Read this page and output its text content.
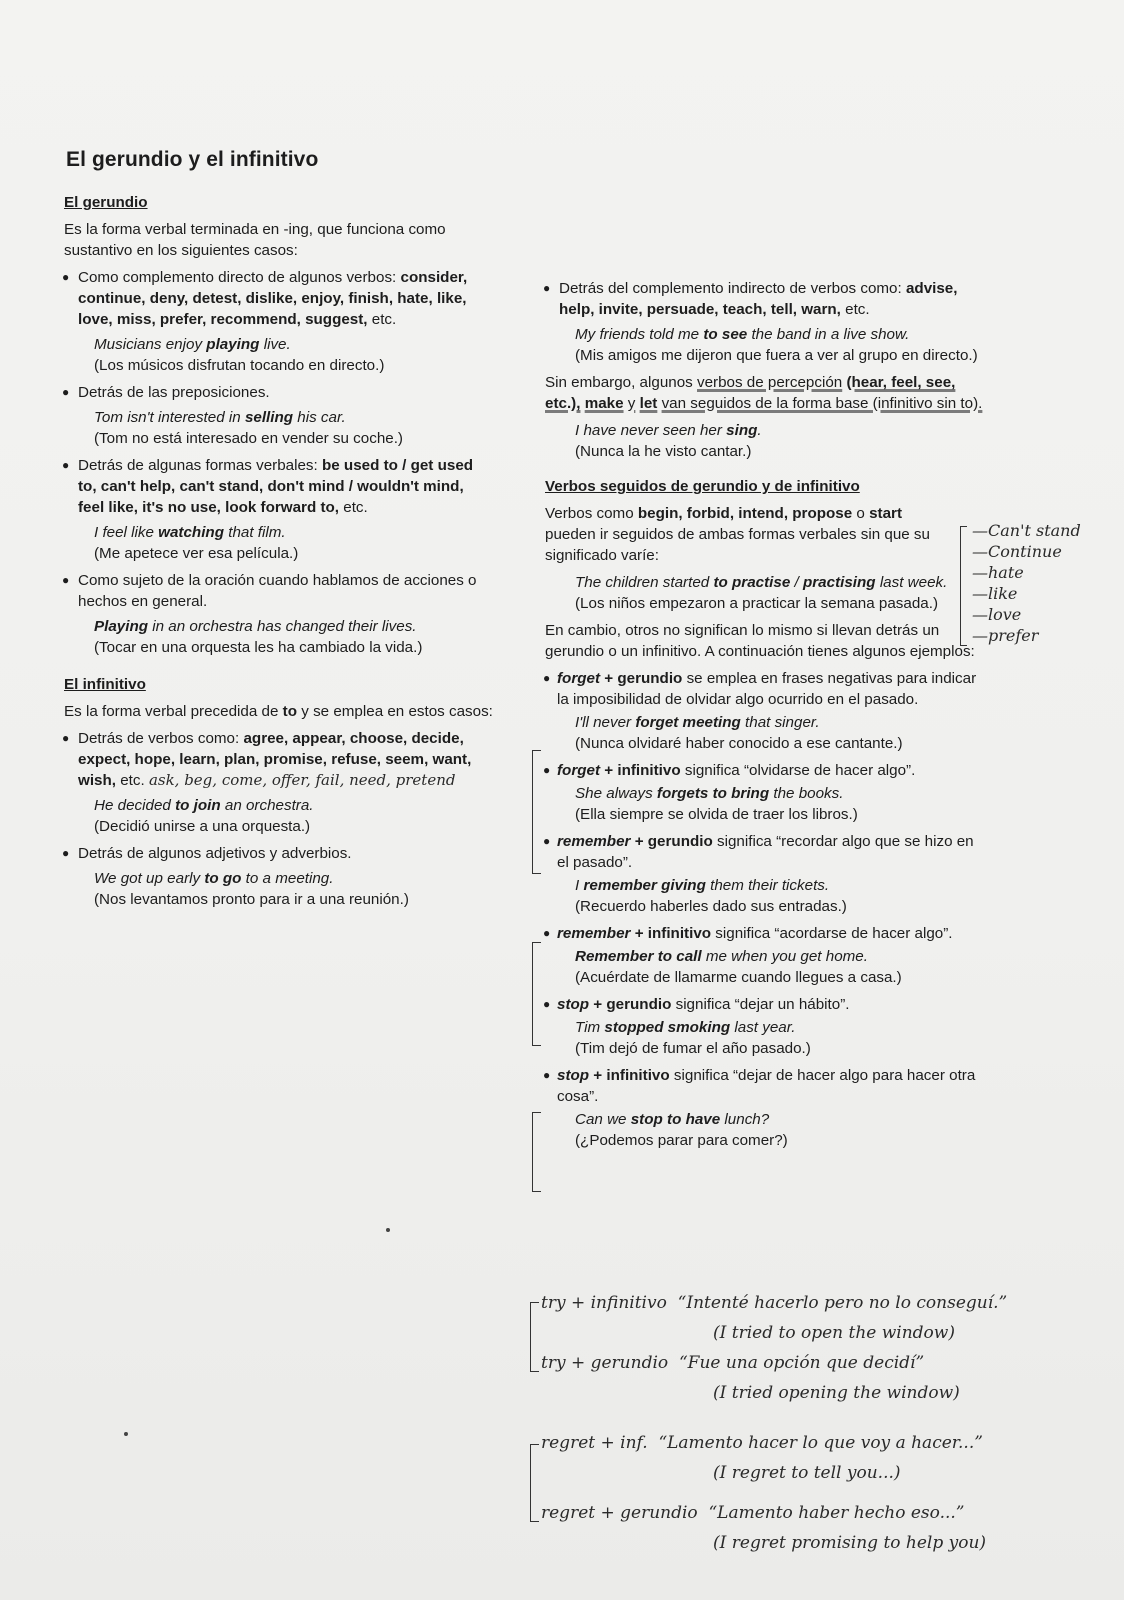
El gerundio y el infinitivo
El gerundio

Es la forma verbal terminada en -ing, que funciona como sustantivo en los siguientes casos:

● Como complemento directo de algunos verbos: consider, continue, deny, detest, dislike, enjoy, finish, hate, like, love, miss, prefer, recommend, suggest, etc.
Musicians enjoy playing live.
(Los músicos disfrutan tocando en directo.)
● Detrás de las preposiciones.
Tom isn't interested in selling his car.
(Tom no está interesado en vender su coche.)
● Detrás de algunas formas verbales: be used to / get used to, can't help, can't stand, don't mind / wouldn't mind, feel like, it's no use, look forward to, etc.
I feel like watching that film.
(Me apetece ver esa película.)
● Como sujeto de la oración cuando hablamos de acciones o hechos en general.
Playing in an orchestra has changed their lives.
(Tocar en una orquesta les ha cambiado la vida.)
El infinitivo

Es la forma verbal precedida de to y se emplea en estos casos:

● Detrás de verbos como: agree, appear, choose, decide, expect, hope, learn, plan, promise, refuse, seem, want, wish, etc. ask, beg, come, offer, fail, need, pretend
He decided to join an orchestra.
(Decidió unirse a una orquesta.)
● Detrás de algunos adjetivos y adverbios.
We got up early to go to a meeting.
(Nos levantamos pronto para ir a una reunión.)
● Detrás del complemento indirecto de verbos como: advise, help, invite, persuade, teach, tell, warn, etc.
My friends told me to see the band in a live show.
(Mis amigos me dijeron que fuera a ver al grupo en directo.)

Sin embargo, algunos verbos de percepción (hear, feel, see, etc.), make y let van seguidos de la forma base (infinitivo sin to).

I have never seen her sing.
(Nunca la he visto cantar.)
Verbos seguidos de gerundio y de infinitivo

Verbos como begin, forbid, intend, propose o start pueden ir seguidos de ambas formas verbales sin que su significado varíe:

The children started to practise / practising last week.
(Los niños empezaron a practicar la semana pasada.)

En cambio, otros no significan lo mismo si llevan detrás un gerundio o un infinitivo. A continuación tienes algunos ejemplos:

● forget + gerundio se emplea en frases negativas para indicar la imposibilidad de olvidar algo ocurrido en el pasado.
I'll never forget meeting that singer.
(Nunca olvidaré haber conocido a ese cantante.)
● forget + infinitivo significa “olvidarse de hacer algo”.
She always forgets to bring the books.
(Ella siempre se olvida de traer los libros.)
● remember + gerundio significa “recordar algo que se hizo en el pasado”.
I remember giving them their tickets.
(Recuerdo haberles dado sus entradas.)
● remember + infinitivo significa “acordarse de hacer algo”.
Remember to call me when you get home.
(Acuérdate de llamarme cuando llegues a casa.)
● stop + gerundio significa “dejar un hábito”.
Tim stopped smoking last year.
(Tim dejó de fumar el año pasado.)
● stop + infinitivo significa “dejar de hacer algo para hacer otra cosa”.
Can we stop to have lunch?
(¿Podemos parar para comer?)
—Can't stand
—Continue
—hate
—like
—love
—prefer
try + infinitivo “Intenté hacerlo pero no lo conseguí.”
(I tried to open the window)
try + gerundio “Fue una opción que decidí”
(I tried opening the window)
regret + inf. “Lamento hacer lo que voy a hacer...”
(I regret to tell you...)
regret + gerundio “Lamento haber hecho eso...”
(I regret promising to help you)
